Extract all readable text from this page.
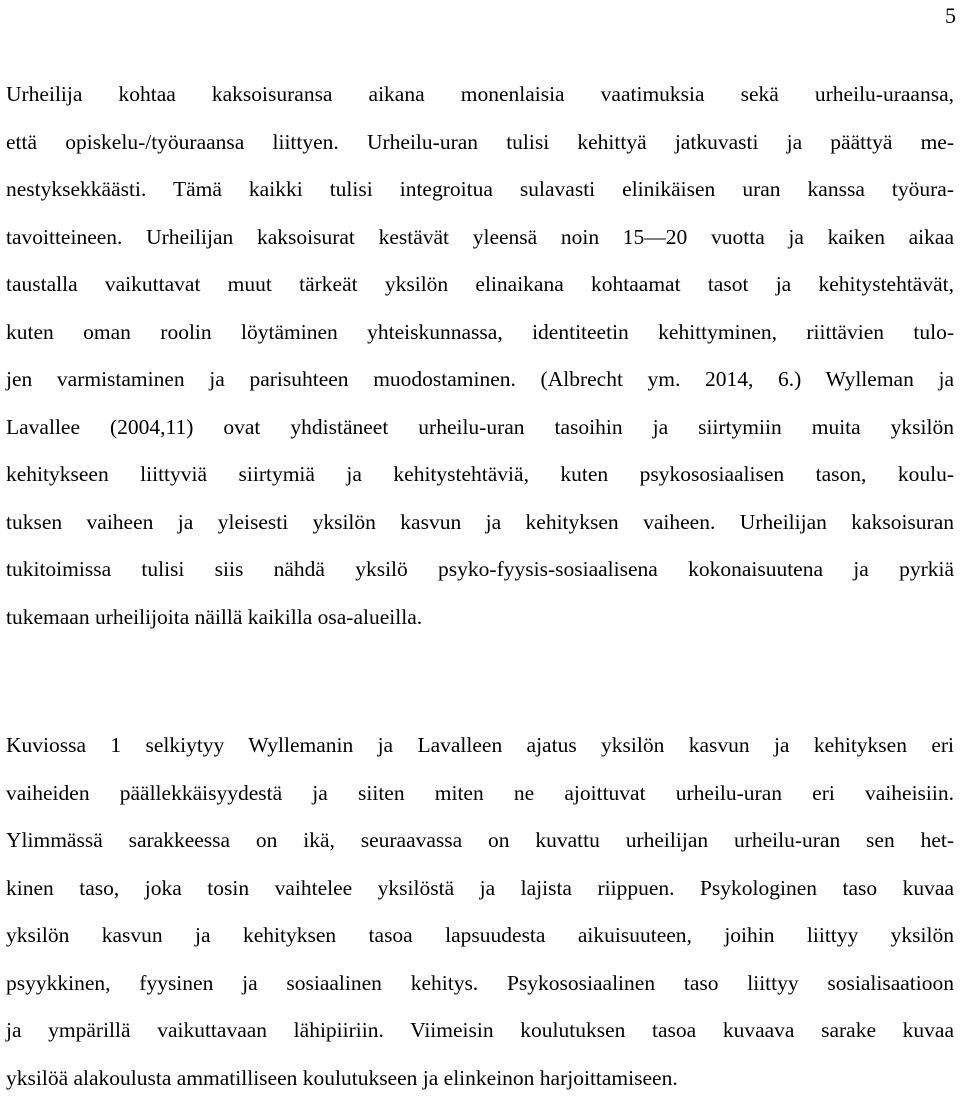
5
Urheilija kohtaa kaksoisuransa aikana monenlaisia vaatimuksia sekä urheilu-uraansa,
että opiskelu-/työuraansa liittyen. Urheilu-uran tulisi kehittyä jatkuvasti ja päättyä me-
nestyksekkäästi. Tämä kaikki tulisi integroitua sulavasti elinikäisen uran kanssa työura-
tavoitteineen. Urheilijan kaksoisurat kestävät yleensä noin 15—20 vuotta ja kaiken aikaa
taustalla vaikuttavat muut tärkeät yksilön elinaikana kohtaamat tasot ja kehitystehtävät,
kuten oman roolin löytäminen yhteiskunnassa, identiteetin kehittyminen, riittävien tulo-
jen varmistaminen ja parisuhteen muodostaminen. (Albrecht ym. 2014, 6.) Wylleman ja
Lavallee (2004,11) ovat yhdistäneet urheilu-uran tasoihin ja siirtymiin muita yksilön
kehitykseen liittyviä siirtymiä ja kehitystehtäviä, kuten psykososiaalisen tason, koulu-
tuksen vaiheen ja yleisesti yksilön kasvun ja kehityksen vaiheen. Urheilijan kaksoisuran
tukitoimissa tulisi siis nähdä yksilö psyko-fyysis-sosiaalisena kokonaisuutena ja pyrkiä
tukemaan urheilijoita näillä kaikilla osa-alueilla.
Kuviossa 1 selkiytyy Wyllemanin ja Lavalleen ajatus yksilön kasvun ja kehityksen eri
vaiheiden päällekkäisyydestä ja siiten miten ne ajoittuvat urheilu-uran eri vaiheisiin.
Ylimmässä sarakkeessa on ikä, seuraavassa on kuvattu urheilijan urheilu-uran sen het-
kinen taso, joka tosin vaihtelee yksilöstä ja lajista riippuen. Psykologinen taso kuvaa
yksilön kasvun ja kehityksen tasoa lapsuudesta aikuisuuteen, joihin liittyy yksilön
psyykkinen, fyysinen ja sosiaalinen kehitys. Psykososiaalinen taso liittyy sosialisaatioon
ja ympärillä vaikuttavaan lähipiiriin. Viimeisin koulutuksen tasoa kuvaava sarake kuvaa
yksilöä alakoulusta ammatilliseen koulutukseen ja elinkeinon harjoittamiseen.
